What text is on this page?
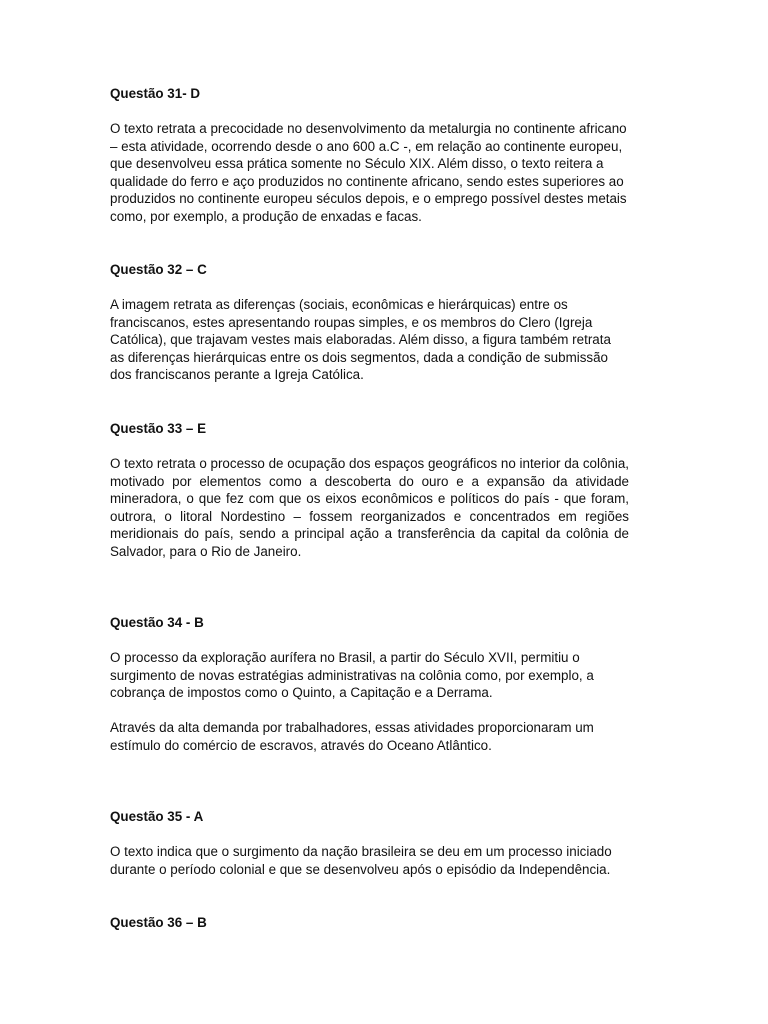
Questão 31- D

O texto retrata a precocidade no desenvolvimento da metalurgia no continente africano
– esta atividade, ocorrendo desde o ano 600 a.C -, em relação ao continente europeu,
que desenvolveu essa prática somente no Século XIX. Além disso, o texto reitera a
qualidade do ferro e aço produzidos no continente africano, sendo estes superiores ao
produzidos no continente europeu séculos depois, e o emprego possível destes metais
como, por exemplo, a produção de enxadas e facas.

Questão 32 – C

A imagem retrata as diferenças (sociais, econômicas e hierárquicas) entre os
franciscanos, estes apresentando roupas simples, e os membros do Clero (Igreja
Católica), que trajavam vestes mais elaboradas. Além disso, a figura também retrata
as diferenças hierárquicas entre os dois segmentos, dada a condição de submissão
dos franciscanos perante a Igreja Católica.

Questão 33 – E

O texto retrata o processo de ocupação dos espaços geográficos no interior da colônia, motivado por elementos como a descoberta do ouro e a expansão da atividade mineradora, o que fez com que os eixos econômicos e políticos do país - que foram, outrora, o litoral Nordestino – fossem reorganizados e concentrados em regiões meridionais do país, sendo a principal ação a transferência da capital da colônia de Salvador, para o Rio de Janeiro.

Questão 34 - B

O processo da exploração aurífera no Brasil, a partir do Século XVII, permitiu o
surgimento de novas estratégias administrativas na colônia como, por exemplo, a
cobrança de impostos como o Quinto, a Capitação e a Derrama.

Através da alta demanda por trabalhadores, essas atividades proporcionaram um
estímulo do comércio de escravos, através do Oceano Atlântico.

Questão 35 - A

O texto indica que o surgimento da nação brasileira se deu em um processo iniciado
durante o período colonial e que se desenvolveu após o episódio da Independência.

Questão 36 – B
